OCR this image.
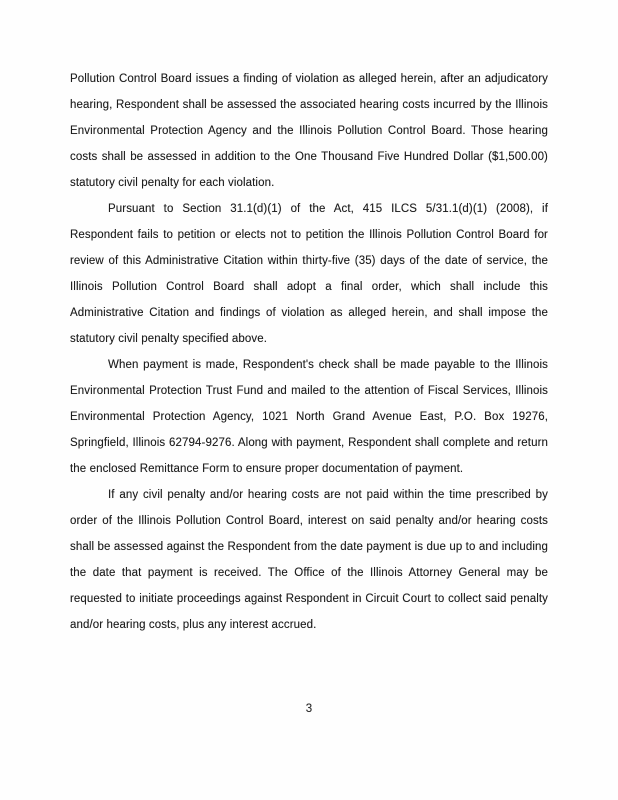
Pollution Control Board issues a finding of violation as alleged herein, after an adjudicatory hearing, Respondent shall be assessed the associated hearing costs incurred by the Illinois Environmental Protection Agency and the Illinois Pollution Control Board. Those hearing costs shall be assessed in addition to the One Thousand Five Hundred Dollar ($1,500.00) statutory civil penalty for each violation.

Pursuant to Section 31.1(d)(1) of the Act, 415 ILCS 5/31.1(d)(1) (2008), if Respondent fails to petition or elects not to petition the Illinois Pollution Control Board for review of this Administrative Citation within thirty-five (35) days of the date of service, the Illinois Pollution Control Board shall adopt a final order, which shall include this Administrative Citation and findings of violation as alleged herein, and shall impose the statutory civil penalty specified above.

When payment is made, Respondent's check shall be made payable to the Illinois Environmental Protection Trust Fund and mailed to the attention of Fiscal Services, Illinois Environmental Protection Agency, 1021 North Grand Avenue East, P.O. Box 19276, Springfield, Illinois 62794-9276. Along with payment, Respondent shall complete and return the enclosed Remittance Form to ensure proper documentation of payment.

If any civil penalty and/or hearing costs are not paid within the time prescribed by order of the Illinois Pollution Control Board, interest on said penalty and/or hearing costs shall be assessed against the Respondent from the date payment is due up to and including the date that payment is received. The Office of the Illinois Attorney General may be requested to initiate proceedings against Respondent in Circuit Court to collect said penalty and/or hearing costs, plus any interest accrued.

3
